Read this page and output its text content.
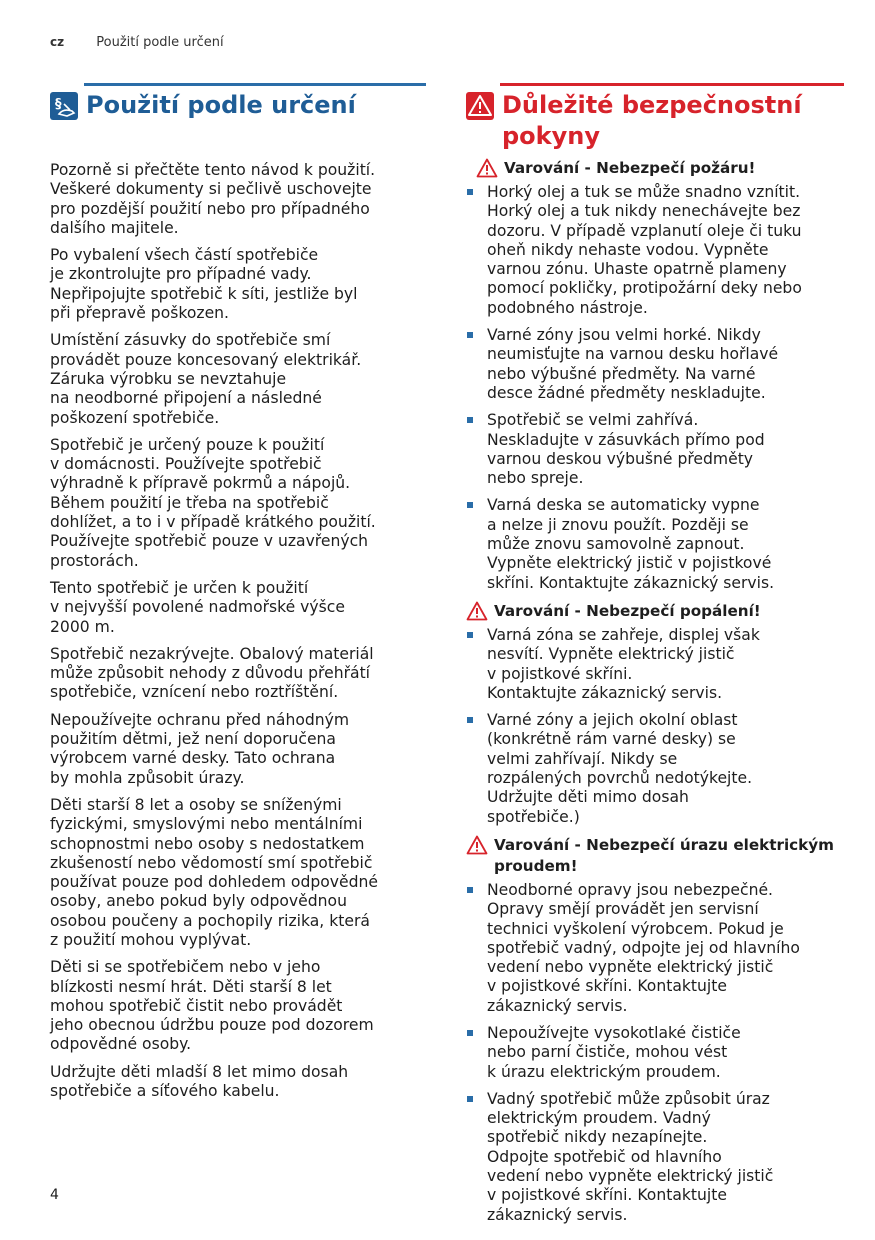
cz Použití podle určení
§ Použití podle určení

Pozorně si přečtěte tento návod k použití.
Veškeré dokumenty si pečlivě uschovejte
pro pozdější použití nebo pro případného
dalšího majitele.

Po vybalení všech částí spotřebiče
je zkontrolujte pro případné vady.
Nepřipojujte spotřebič k síti, jestliže byl
při přepravě poškozen.

Umístění zásuvky do spotřebiče smí
provádět pouze koncesovaný elektrikář.
Záruka výrobku se nevztahuje
na neodborné připojení a následné
poškození spotřebiče.

Spotřebič je určený pouze k použití
v domácnosti. Používejte spotřebič
výhradně k přípravě pokrmů a nápojů.
Během použití je třeba na spotřebič
dohlížet, a to i v případě krátkého použití.
Používejte spotřebič pouze v uzavřených
prostorách.

Tento spotřebič je určen k použití
v nejvyšší povolené nadmořské výšce
2000 m.

Spotřebič nezakrývejte. Obalový materiál
může způsobit nehody z důvodu přehřátí
spotřebiče, vznícení nebo roztříštění.

Nepoužívejte ochranu před náhodným
použitím dětmi, jež není doporučena
výrobcem varné desky. Tato ochrana
by mohla způsobit úrazy.

Děti starší 8 let a osoby se sníženými
fyzickými, smyslovými nebo mentálními
schopnostmi nebo osoby s nedostatkem
zkušeností nebo vědomostí smí spotřebič
používat pouze pod dohledem odpovědné
osoby, anebo pokud byly odpovědnou
osobou poučeny a pochopily rizika, která
z použití mohou vyplývat.

Děti si se spotřebičem nebo v jeho
blízkosti nesmí hrát. Děti starší 8 let
mohou spotřebič čistit nebo provádět
jeho obecnou údržbu pouze pod dozorem
odpovědné osoby.

Udržujte děti mladší 8 let mimo dosah
spotřebiče a síťového kabelu.

Důležité bezpečnostní
pokyny
Varování - Nebezpečí požáru!
Horký olej a tuk se může snadno vznítit.
Horký olej a tuk nikdy nenechávejte bez
dozoru. V případě vzplanutí oleje či tuku
oheň nikdy nehaste vodou. Vypněte
varnou zónu. Uhaste opatrně plameny
pomocí pokličky, protipožární deky nebo
podobného nástroje.
Varné zóny jsou velmi horké. Nikdy
neumisťujte na varnou desku hořlavé
nebo výbušné předměty. Na varné
desce žádné předměty neskladujte.
Spotřebič se velmi zahřívá.
Neskladujte v zásuvkách přímo pod
varnou deskou výbušné předměty
nebo spreje.
Varná deska se automaticky vypne
a nelze ji znovu použít. Později se
může znovu samovolně zapnout.
Vypněte elektrický jistič v pojistkové
skříni. Kontaktujte zákaznický servis.
Varování - Nebezpečí popálení!
Varná zóna se zahřeje, displej však
nesvítí. Vypněte elektrický jistič
v pojistkové skříni.
Kontaktujte zákaznický servis.
Varné zóny a jejich okolní oblast
(konkrétně rám varné desky) se
velmi zahřívají. Nikdy se
rozpálených povrchů nedotýkejte.
Udržujte děti mimo dosah
spotřebiče.)
Varování - Nebezpečí úrazu elektrickým
proudem!
Neodborné opravy jsou nebezpečné.
Opravy smějí provádět jen servisní
technici vyškolení výrobcem. Pokud je
spotřebič vadný, odpojte jej od hlavního
vedení nebo vypněte elektrický jistič
v pojistkové skříni. Kontaktujte
zákaznický servis.
Nepoužívejte vysokotlaké čističe
nebo parní čističe, mohou vést
k úrazu elektrickým proudem.
Vadný spotřebič může způsobit úraz
elektrickým proudem. Vadný
spotřebič nikdy nezapínejte.
Odpojte spotřebič od hlavního
vedení nebo vypněte elektrický jistič
v pojistkové skříni. Kontaktujte
zákaznický servis.
4
